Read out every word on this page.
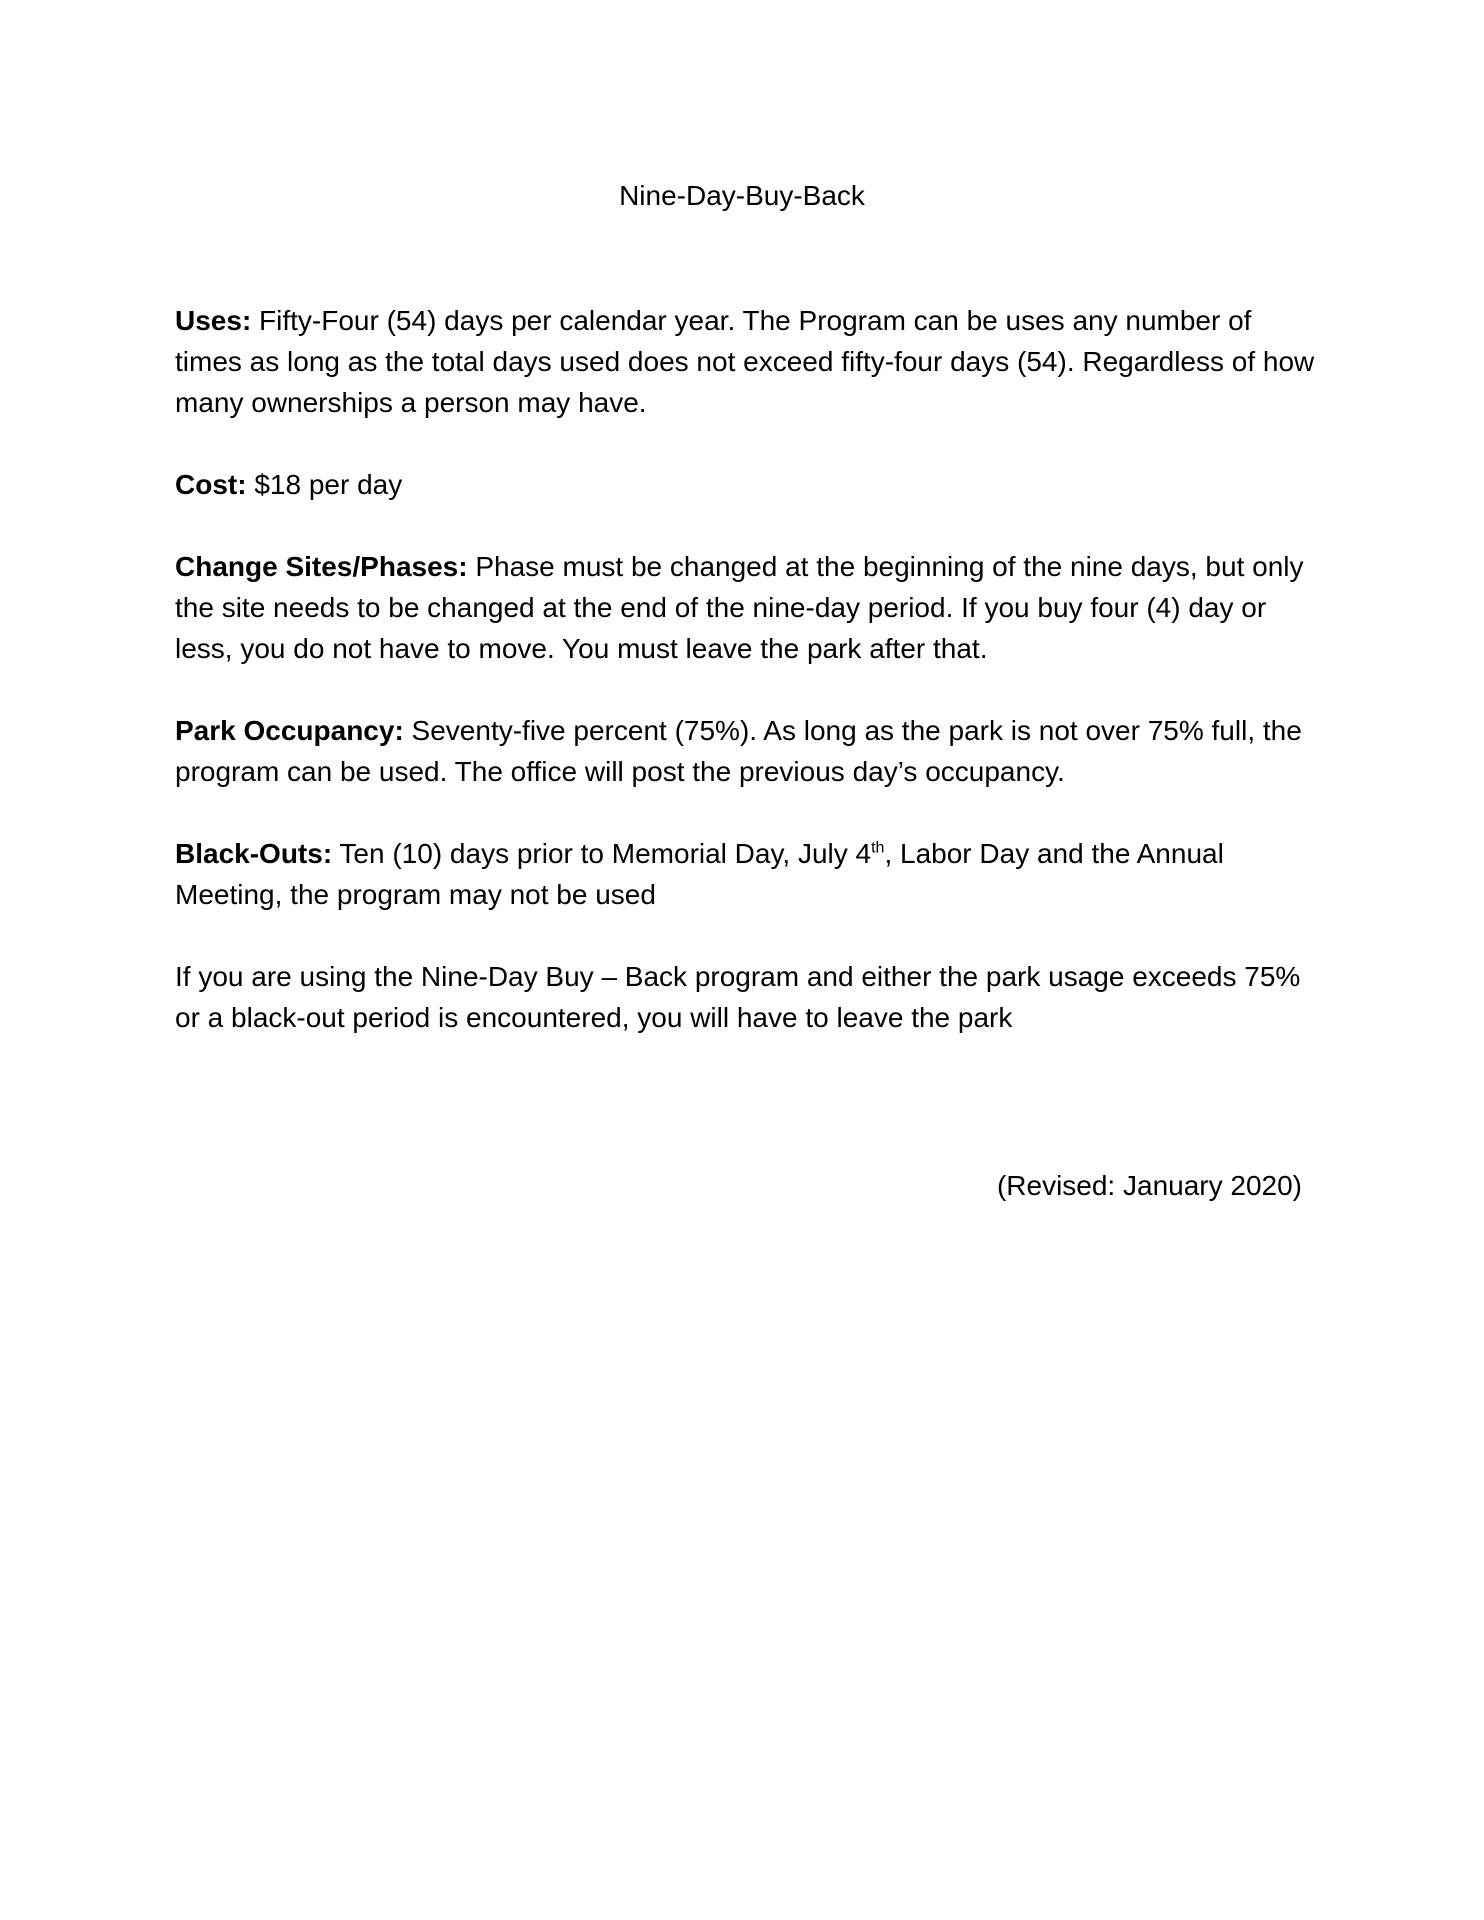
Nine-Day-Buy-Back

Uses: Fifty-Four (54) days per calendar year. The Program can be uses any number of times as long as the total days used does not exceed fifty-four days (54). Regardless of how many ownerships a person may have.

Cost: $18 per day

Change Sites/Phases: Phase must be changed at the beginning of the nine days, but only the site needs to be changed at the end of the nine-day period. If you buy four (4) day or less, you do not have to move. You must leave the park after that.

Park Occupancy: Seventy-five percent (75%). As long as the park is not over 75% full, the program can be used. The office will post the previous day’s occupancy.

Black-Outs: Ten (10) days prior to Memorial Day, July 4th, Labor Day and the Annual Meeting, the program may not be used

If you are using the Nine-Day Buy – Back program and either the park usage exceeds 75% or a black-out period is encountered, you will have to leave the park

(Revised: January 2020)
